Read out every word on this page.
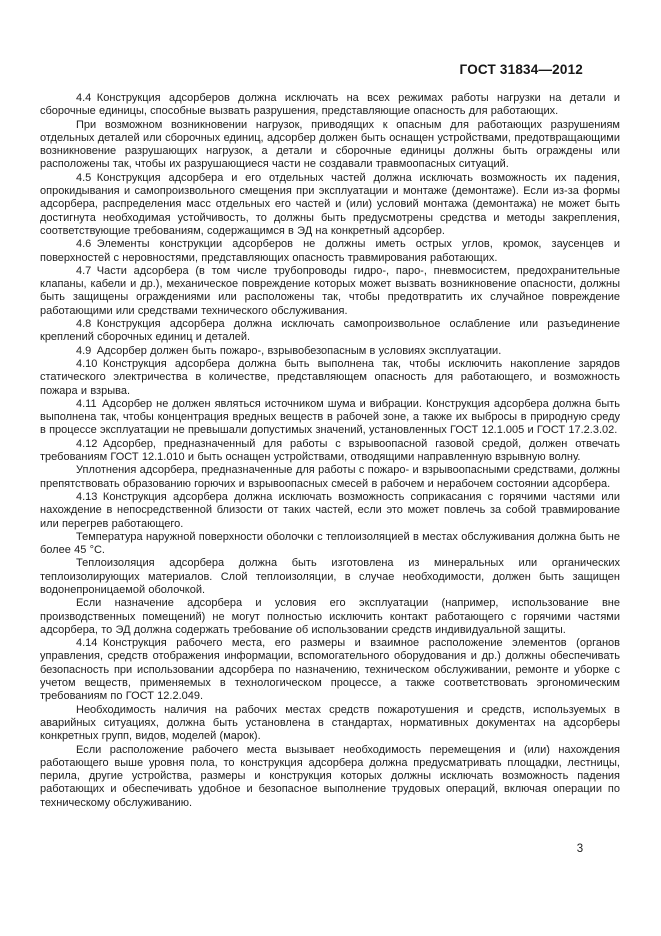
ГОСТ 31834—2012

4.4 Конструкция адсорберов должна исключать на всех режимах работы нагрузки на детали и сборочные единицы, способные вызвать разрушения, представляющие опасность для работающих.

При возможном возникновении нагрузок, приводящих к опасным для работающих разрушениям отдельных деталей или сборочных единиц, адсорбер должен быть оснащен устройствами, предотвращающими возникновение разрушающих нагрузок, а детали и сборочные единицы должны быть ограждены или расположены так, чтобы их разрушающиеся части не создавали травмоопасных ситуаций.

4.5 Конструкция адсорбера и его отдельных частей должна исключать возможность их падения, опрокидывания и самопроизвольного смещения при эксплуатации и монтаже (демонтаже). Если из-за формы адсорбера, распределения масс отдельных его частей и (или) условий монтажа (демонтажа) не может быть достигнута необходимая устойчивость, то должны быть предусмотрены средства и методы закрепления, соответствующие требованиям, содержащимся в ЭД на конкретный адсорбер.

4.6 Элементы конструкции адсорберов не должны иметь острых углов, кромок, заусенцев и поверхностей с неровностями, представляющих опасность травмирования работающих.

4.7 Части адсорбера (в том числе трубопроводы гидро-, паро-, пневмосистем, предохранительные клапаны, кабели и др.), механическое повреждение которых может вызвать возникновение опасности, должны быть защищены ограждениями или расположены так, чтобы предотвратить их случайное повреждение работающими или средствами технического обслуживания.

4.8 Конструкция адсорбера должна исключать самопроизвольное ослабление или разъединение креплений сборочных единиц и деталей.

4.9 Адсорбер должен быть пожаро-, взрывобезопасным в условиях эксплуатации.

4.10 Конструкция адсорбера должна быть выполнена так, чтобы исключить накопление зарядов статического электричества в количестве, представляющем опасность для работающего, и возможность пожара и взрыва.

4.11 Адсорбер не должен являться источником шума и вибрации. Конструкция адсорбера должна быть выполнена так, чтобы концентрация вредных веществ в рабочей зоне, а также их выбросы в природную среду в процессе эксплуатации не превышали допустимых значений, установленных ГОСТ 12.1.005 и ГОСТ 17.2.3.02.

4.12 Адсорбер, предназначенный для работы с взрывоопасной газовой средой, должен отвечать требованиям ГОСТ 12.1.010 и быть оснащен устройствами, отводящими направленную взрывную волну.

Уплотнения адсорбера, предназначенные для работы с пожаро- и взрывоопасными средствами, должны препятствовать образованию горючих и взрывоопасных смесей в рабочем и нерабочем состоянии адсорбера.

4.13 Конструкция адсорбера должна исключать возможность соприкасания с горячими частями или нахождение в непосредственной близости от таких частей, если это может повлечь за собой травмирование или перегрев работающего.

Температура наружной поверхности оболочки с теплоизоляцией в местах обслуживания должна быть не более 45 °С.

Теплоизоляция адсорбера должна быть изготовлена из минеральных или органических теплоизолирующих материалов. Слой теплоизоляции, в случае необходимости, должен быть защищен водонепроницаемой оболочкой.

Если назначение адсорбера и условия его эксплуатации (например, использование вне производственных помещений) не могут полностью исключить контакт работающего с горячими частями адсорбера, то ЭД должна содержать требование об использовании средств индивидуальной защиты.

4.14 Конструкция рабочего места, его размеры и взаимное расположение элементов (органов управления, средств отображения информации, вспомогательного оборудования и др.) должны обеспечивать безопасность при использовании адсорбера по назначению, техническом обслуживании, ремонте и уборке с учетом веществ, применяемых в технологическом процессе, а также соответствовать эргономическим требованиям по ГОСТ 12.2.049.

Необходимость наличия на рабочих местах средств пожаротушения и средств, используемых в аварийных ситуациях, должна быть установлена в стандартах, нормативных документах на адсорберы конкретных групп, видов, моделей (марок).

Если расположение рабочего места вызывает необходимость перемещения и (или) нахождения работающего выше уровня пола, то конструкция адсорбера должна предусматривать площадки, лестницы, перила, другие устройства, размеры и конструкция которых должны исключать возможность падения работающих и обеспечивать удобное и безопасное выполнение трудовых операций, включая операции по техническому обслуживанию.

3
